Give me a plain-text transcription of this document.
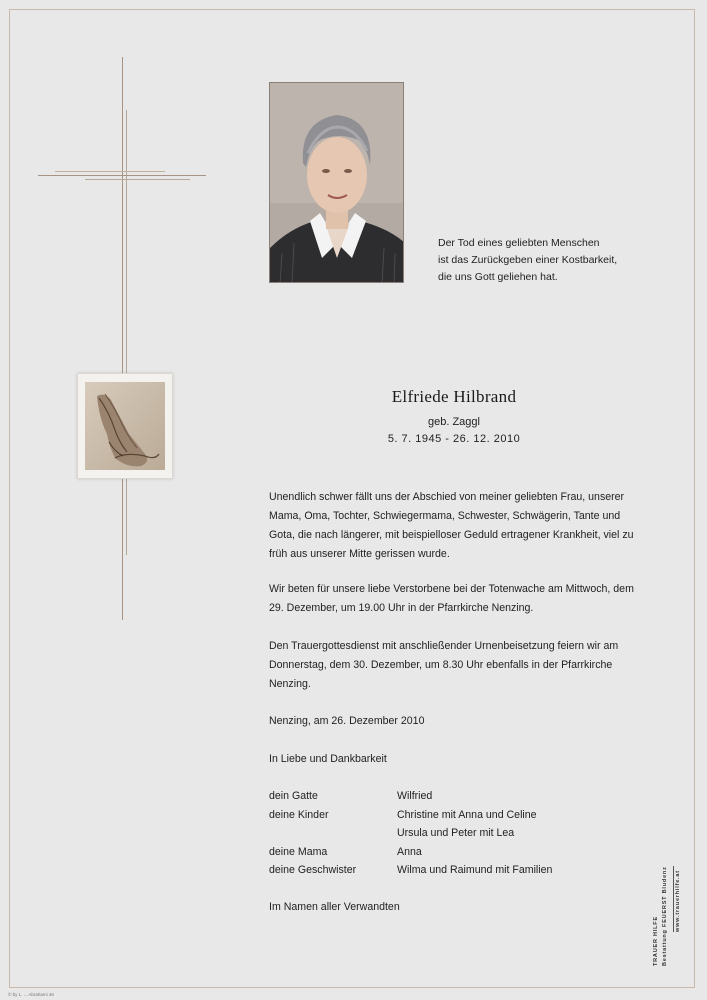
Der Tod eines geliebten Menschen
ist das Zurückgeben einer Kostbarkeit,
die uns Gott geliehen hat.
Elfriede Hilbrand
geb. Zaggl
5. 7. 1945 - 26. 12. 2010
Unendlich schwer fällt uns der Abschied von meiner geliebten Frau, unserer Mama, Oma, Tochter, Schwiegermama, Schwester, Schwägerin, Tante und Gota, die nach längerer, mit beispielloser Geduld ertragener Krankheit, viel zu früh aus unserer Mitte gerissen wurde.
Wir beten für unsere liebe Verstorbene bei der Totenwache am Mittwoch, dem 29. Dezember, um 19.00 Uhr in der Pfarrkirche Nenzing.
Den Trauergottesdienst mit anschließender Urnenbeisetzung feiern wir am Donnerstag, dem 30. Dezember, um 8.30 Uhr ebenfalls in der Pfarrkirche Nenzing.
Nenzing, am 26. Dezember 2010
In Liebe und Dankbarkeit
dein Gatte	Wilfried
deine Kinder	Christine mit Anna und Celine
Ursula und Peter mit Lea
deine Mama	Anna
deine Geschwister	Wilma und Raimund mit Familien
Im Namen aller Verwandten
TRAUER HILFE Bestattung FEUERST Bludenz www.trauerhilfe.at
© by L. ... Abrahami 46
